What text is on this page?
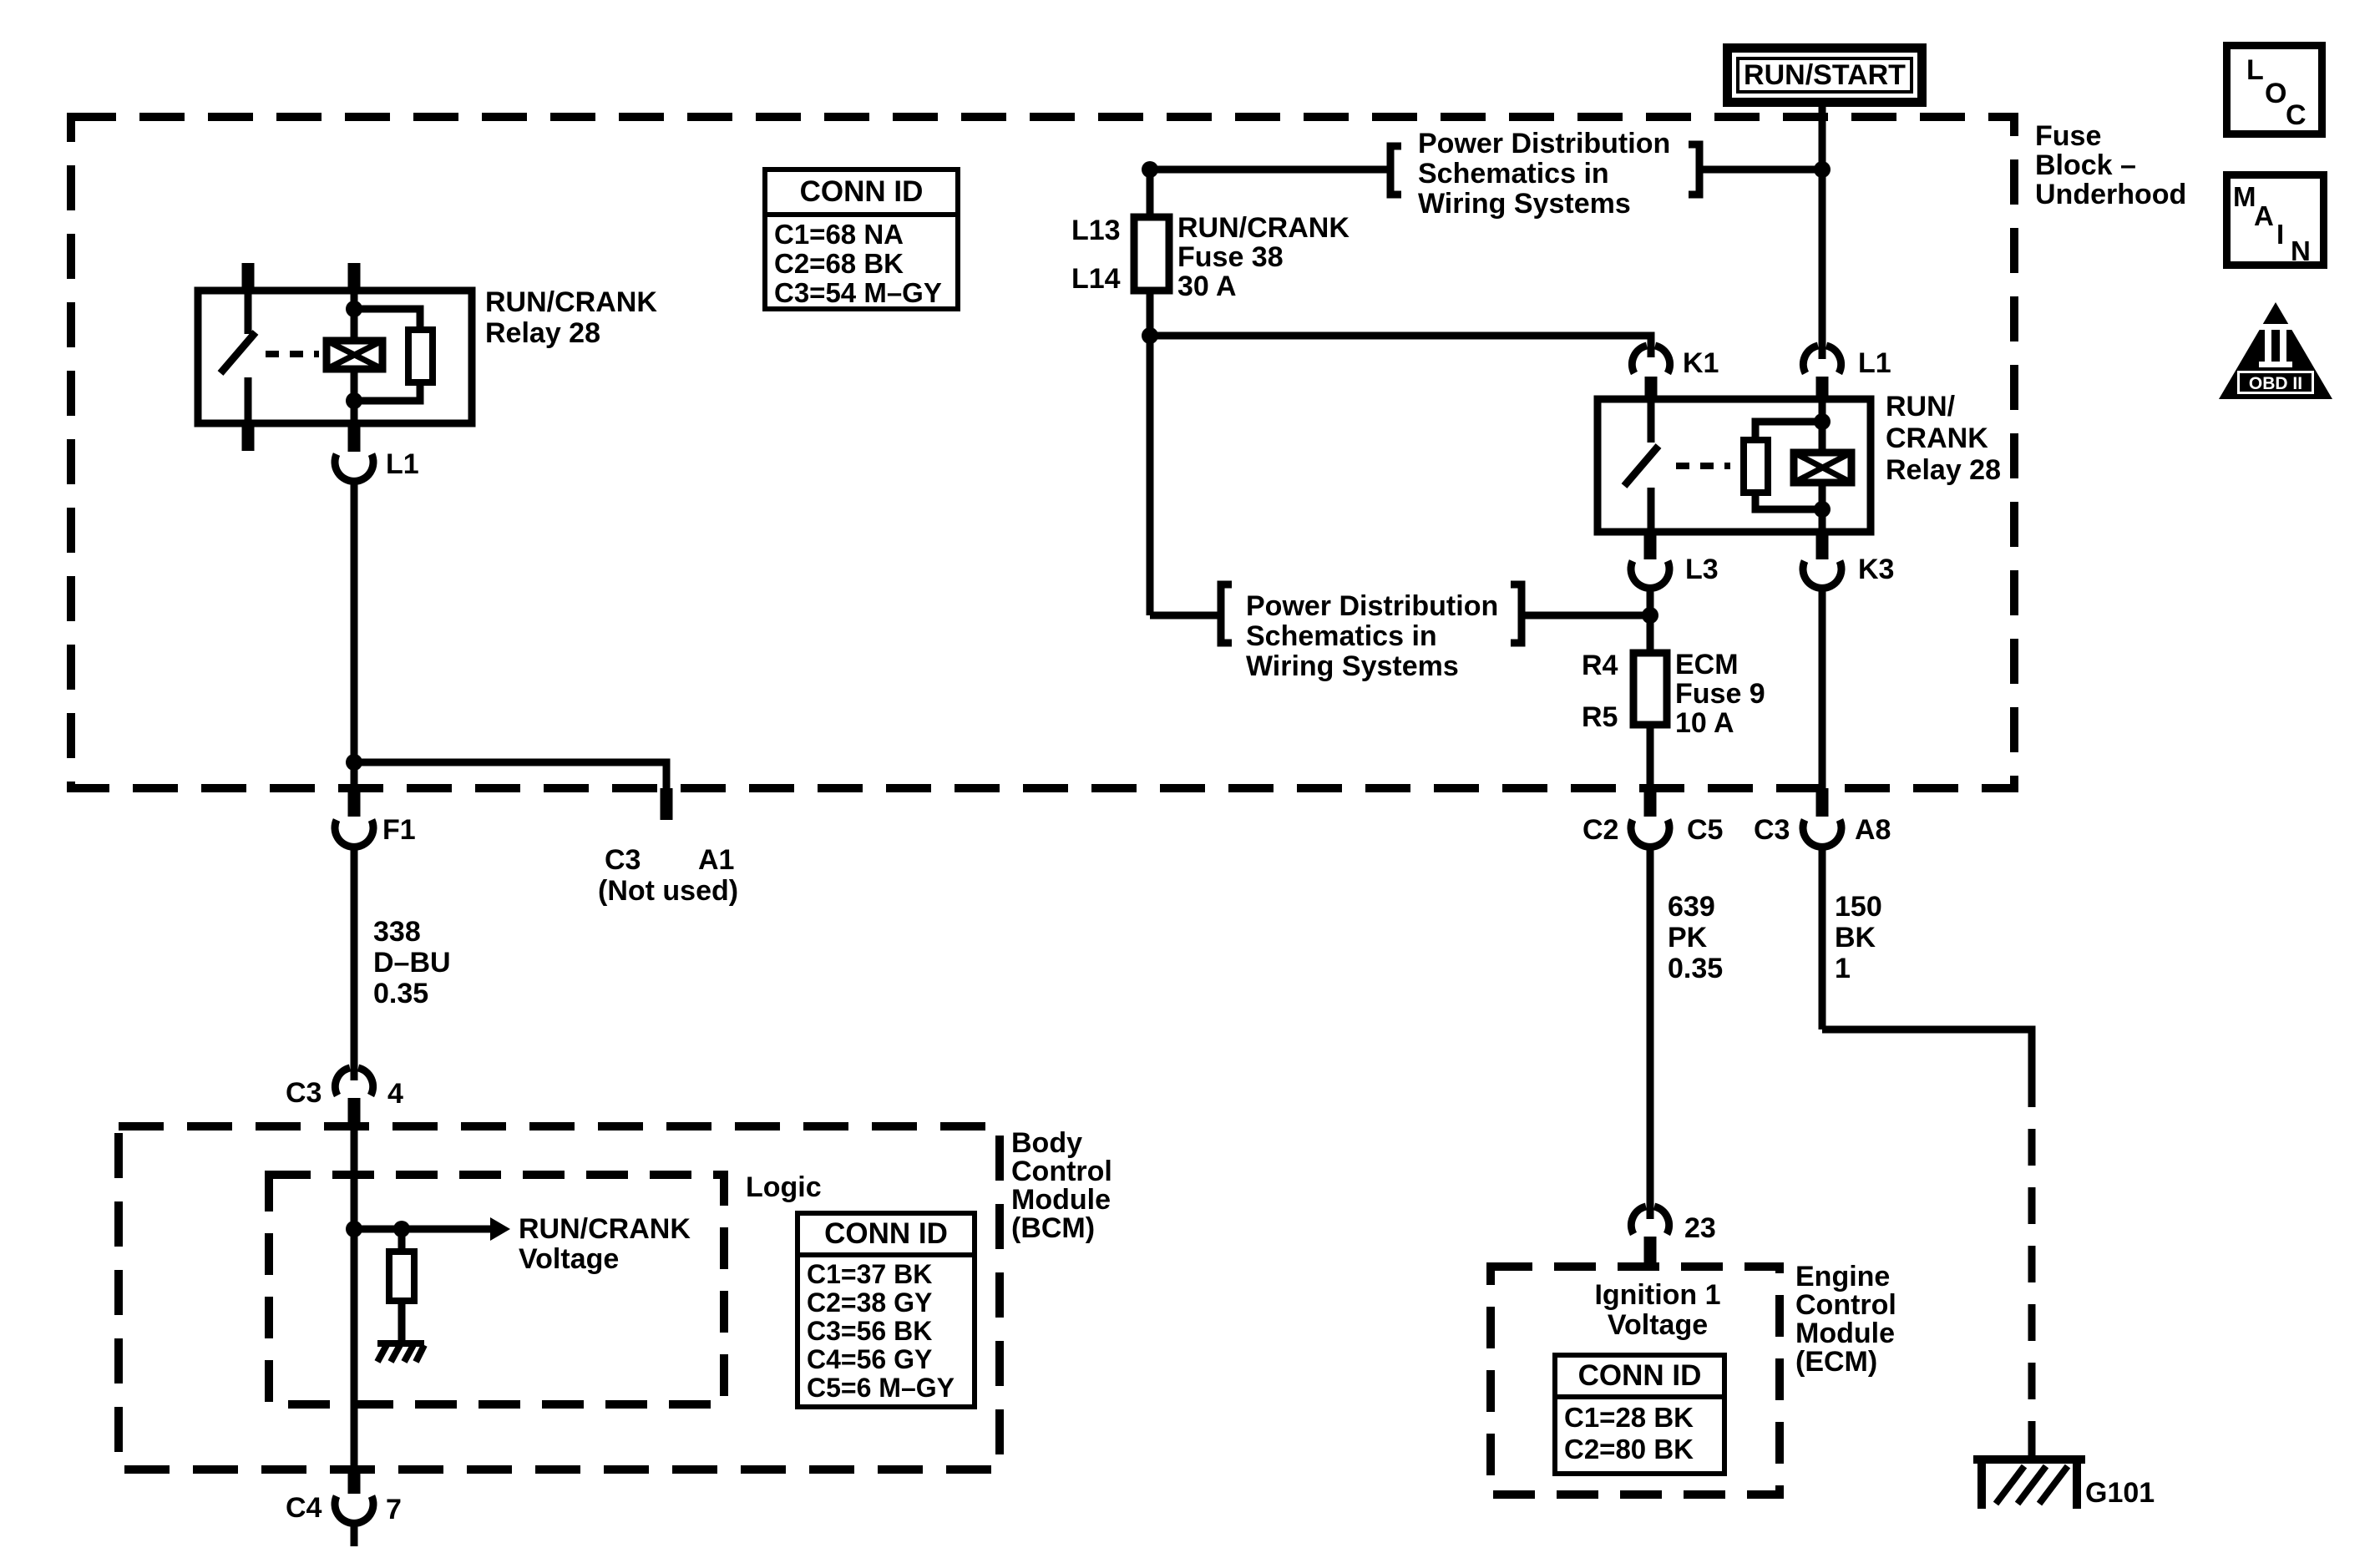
RUN/START	L
O
C
M
A
I
N
OBD II
CONN ID
C1=68 NA
C2=68 BK
C3=54 M–GY
CONN ID
C1=37 BK
C2=38 GY
C3=56 BK
C4=56 GY
C5=6 M–GY	CONN ID
C1=28 BK
C2=80 BK
Fuse
Block –
Underhood
RUN/CRANK
Relay 28
L1
L13
L14
RUN/CRANK
Fuse 38
30 A
Power Distribution
Schematics in
Wiring Systems
Power Distribution
Schematics in
Wiring Systems
K1	L1
L3	K3
RUN/
CRANK
Relay 28
R4
R5
ECM
Fuse 9
10 A
F1
C3 A1
(Not used)
338
D–BU
0.35
C2 C5 C3 A8
639
PK
0.35
150
BK
1
C3 4
C4 7
Logic
Body
Control
Module
(BCM)
RUN/CRANK
Voltage
23
Ignition 1
Voltage
Engine
Control
Module
(ECM)
G101
